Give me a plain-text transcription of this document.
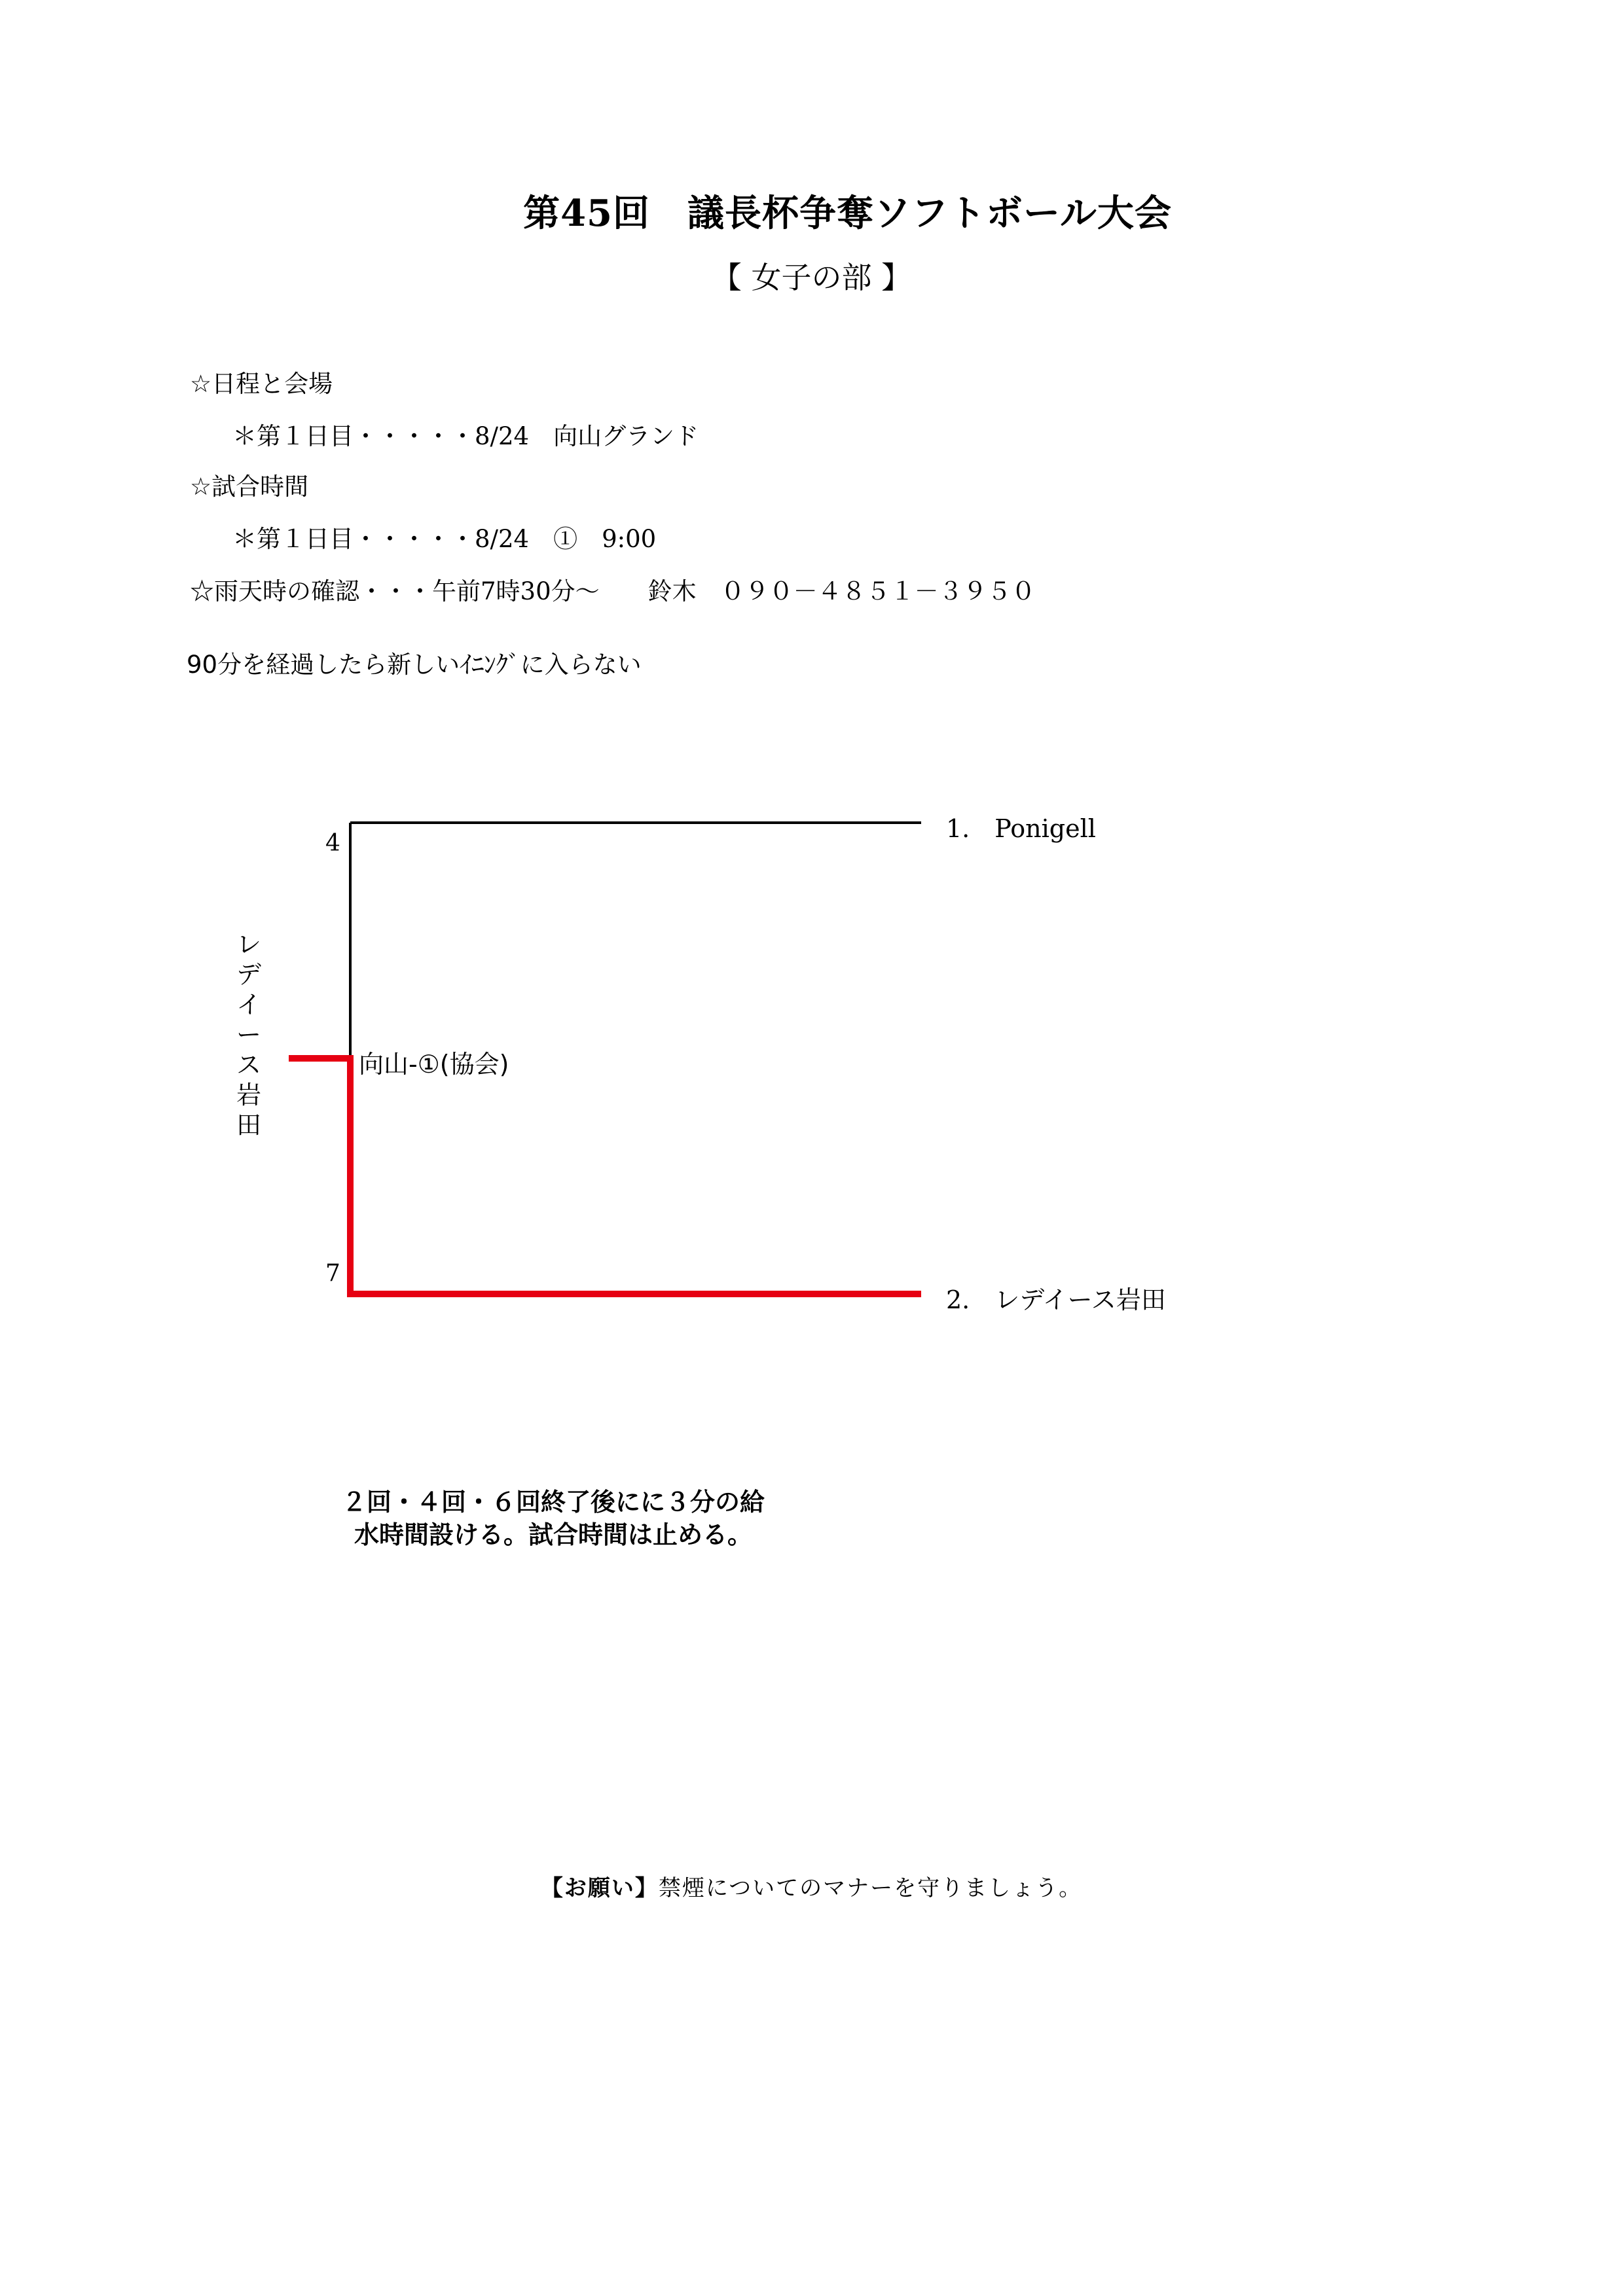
第45回　議長杯争奪ソフトボール大会
【 女子の部 】
☆日程と会場
＊第１日目・・・・・8/24　向山グランド
☆試合時間
＊第１日目・・・・・8/24　①　9:00
☆雨天時の確認・・・午前7時30分～　　鈴木　０９０－４８５１－３９５０
90分を経過したら新しいｲﾆﾝｸﾞに入らない
4
7
1.　Ponigell
2.　レデイース岩田
向山-①(協会)
レ
デ
イ
ー
ス
岩
田
２回・４回・６回終了後にに３分の給水時間設ける。試合時間は止める。
【お願い】禁煙についてのマナーを守りましょう。
